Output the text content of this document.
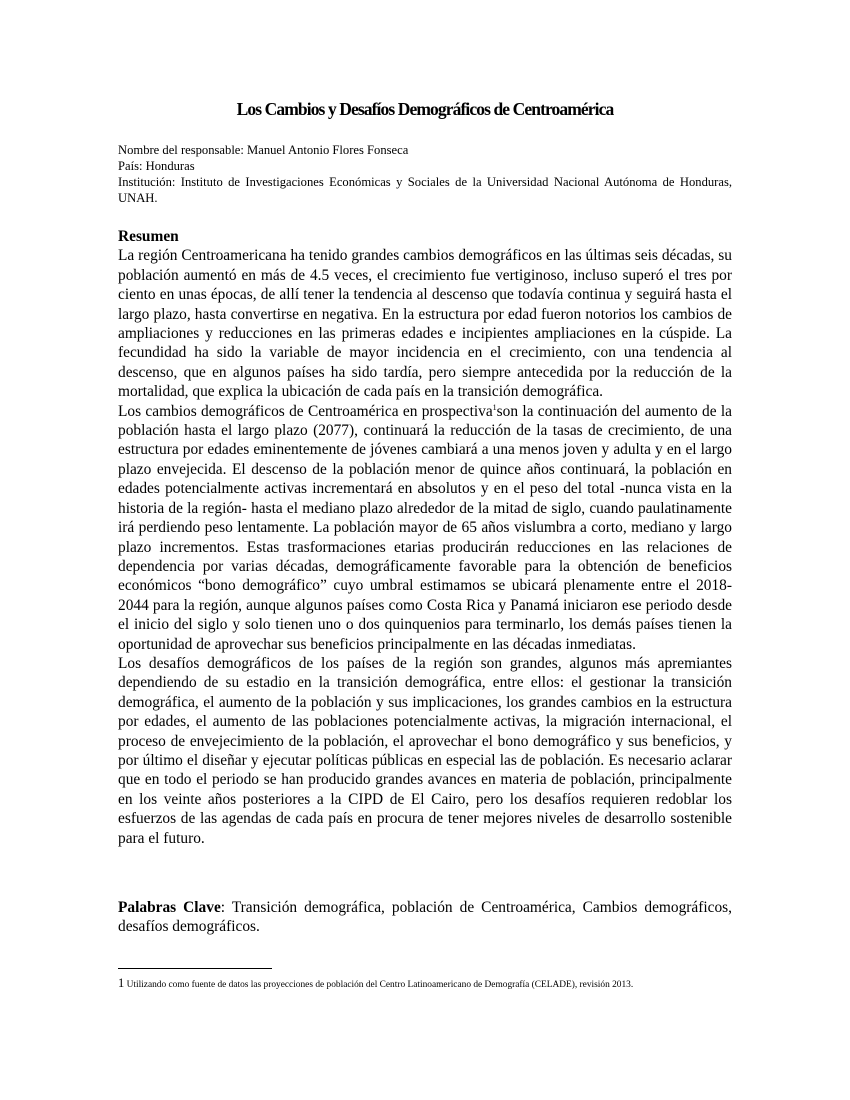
Los Cambios y Desafíos Demográficos de Centroamérica
Nombre del responsable: Manuel Antonio Flores Fonseca
País: Honduras
Institución: Instituto de Investigaciones Económicas y Sociales de la Universidad Nacional Autónoma de Honduras, UNAH.
Resumen

La región Centroamericana ha tenido grandes cambios demográficos en las últimas seis décadas, su población aumentó en más de 4.5 veces, el crecimiento fue vertiginoso, incluso superó el tres por ciento en unas épocas, de allí tener la tendencia al descenso que todavía continua y seguirá hasta el largo plazo, hasta convertirse en negativa. En la estructura por edad fueron notorios los cambios de ampliaciones y reducciones en las primeras edades e incipientes ampliaciones en la cúspide. La fecundidad ha sido la variable de mayor incidencia en el crecimiento, con una tendencia al descenso, que en algunos países ha sido tardía, pero siempre antecedida por la reducción de la mortalidad, que explica la ubicación de cada país en la transición demográfica.

Los cambios demográficos de Centroamérica en prospectiva$^1$son la continuación del aumento de la población hasta el largo plazo (2077), continuará la reducción de la tasas de crecimiento, de una estructura por edades eminentemente de jóvenes cambiará a una menos joven y adulta y en el largo plazo envejecida. El descenso de la población menor de quince años continuará, la población en edades potencialmente activas incrementará en absolutos y en el peso del total -nunca vista en la historia de la región- hasta el mediano plazo alrededor de la mitad de siglo, cuando paulatinamente irá perdiendo peso lentamente. La población mayor de 65 años vislumbra a corto, mediano y largo plazo incrementos. Estas trasformaciones etarias producirán reducciones en las relaciones de dependencia por varias décadas, demográficamente favorable para la obtención de beneficios económicos “bono demográfico” cuyo umbral estimamos se ubicará plenamente entre el 2018-2044 para la región, aunque algunos países como Costa Rica y Panamá iniciaron ese periodo desde el inicio del siglo y solo tienen uno o dos quinquenios para terminarlo, los demás países tienen la oportunidad de aprovechar sus beneficios principalmente en las décadas inmediatas.

Los desafíos demográficos de los países de la región son grandes, algunos más apremiantes dependiendo de su estadio en la transición demográfica, entre ellos: el gestionar la transición demográfica, el aumento de la población y sus implicaciones, los grandes cambios en la estructura por edades, el aumento de las poblaciones potencialmente activas, la migración internacional, el proceso de envejecimiento de la población, el aprovechar el bono demográfico y sus beneficios, y por último el diseñar y ejecutar políticas públicas en especial las de población. Es necesario aclarar que en todo el periodo se han producido grandes avances en materia de población, principalmente en los veinte años posteriores a la CIPD de El Cairo, pero los desafíos requieren redoblar los esfuerzos de las agendas de cada país en procura de tener mejores niveles de desarrollo sostenible para el futuro.

Palabras Clave: Transición demográfica, población de Centroamérica, Cambios demográficos, desafíos demográficos.
1 Utilizando como fuente de datos las proyecciones de población del Centro Latinoamericano de Demografía (CELADE), revisión 2013.
